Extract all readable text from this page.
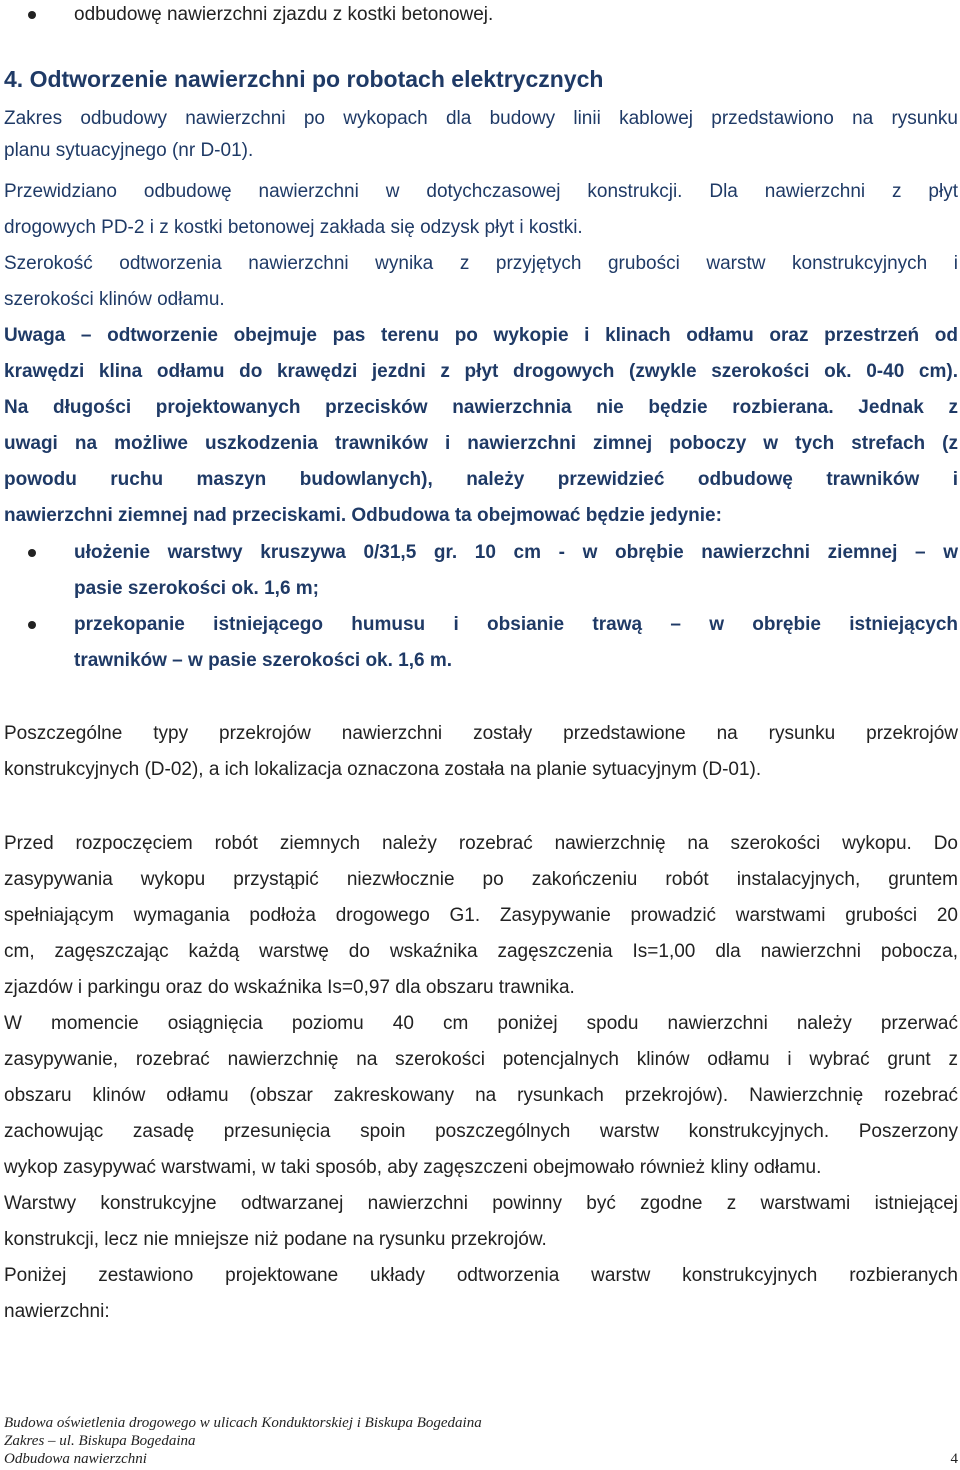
odbudowę nawierzchni zjazdu z kostki betonowej.
4. Odtworzenie nawierzchni po robotach elektrycznych
Zakres odbudowy nawierzchni po wykopach dla budowy linii kablowej przedstawiono na rysunku
planu sytuacyjnego (nr D-01).
Przewidziano odbudowę nawierzchni w dotychczasowej konstrukcji. Dla nawierzchni z płyt
drogowych PD-2 i z kostki betonowej zakłada się odzysk płyt i kostki.
Szerokość odtworzenia nawierzchni wynika z przyjętych grubości warstw konstrukcyjnych i
szerokości klinów odłamu.
Uwaga – odtworzenie obejmuje pas terenu po wykopie i klinach odłamu oraz przestrzeń od
krawędzi klina odłamu do krawędzi jezdni z płyt drogowych (zwykle szerokości ok. 0-40 cm).
Na długości projektowanych przecisków nawierzchnia nie będzie rozbierana. Jednak z
uwagi na możliwe uszkodzenia trawników i nawierzchni zimnej poboczy w tych strefach (z
powodu ruchu maszyn budowlanych), należy przewidzieć odbudowę trawników i
nawierzchni ziemnej nad przeciskami. Odbudowa ta obejmować będzie jedynie:
ułożenie warstwy kruszywa 0/31,5 gr. 10 cm - w obrębie nawierzchni ziemnej – w
pasie szerokości ok. 1,6 m;
przekopanie istniejącego humusu i obsianie trawą – w obrębie istniejących
trawników – w pasie szerokości ok. 1,6 m.
Poszczególne typy przekrojów nawierzchni zostały przedstawione na rysunku przekrojów
konstrukcyjnych (D-02), a ich lokalizacja oznaczona została na planie sytuacyjnym (D-01).
Przed rozpoczęciem robót ziemnych należy rozebrać nawierzchnię na szerokości wykopu. Do
zasypywania wykopu przystąpić niezwłocznie po zakończeniu robót instalacyjnych, gruntem
spełniającym wymagania podłoża drogowego G1. Zasypywanie prowadzić warstwami grubości 20
cm, zagęszczając każdą warstwę do wskaźnika zagęszczenia Is=1,00 dla nawierzchni pobocza,
zjazdów i parkingu oraz do wskaźnika Is=0,97 dla obszaru trawnika.
W momencie osiągnięcia poziomu 40 cm poniżej spodu nawierzchni należy przerwać
zasypywanie, rozebrać nawierzchnię na szerokości potencjalnych klinów odłamu i wybrać grunt z
obszaru klinów odłamu (obszar zakreskowany na rysunkach przekrojów). Nawierzchnię rozebrać
zachowując zasadę przesunięcia spoin poszczególnych warstw konstrukcyjnych. Poszerzony
wykop zasypywać warstwami, w taki sposób, aby zagęszczeni obejmowało również kliny odłamu.
Warstwy konstrukcyjne odtwarzanej nawierzchni powinny być zgodne z warstwami istniejącej
konstrukcji, lecz nie mniejsze niż podane na rysunku przekrojów.
Poniżej zestawiono projektowane układy odtworzenia warstw konstrukcyjnych rozbieranych
nawierzchni:
Budowa oświetlenia drogowego w ulicach Konduktorskiej i Biskupa Bogedaina
Zakres – ul. Biskupa Bogedaina
Odbudowa nawierzchni	4
